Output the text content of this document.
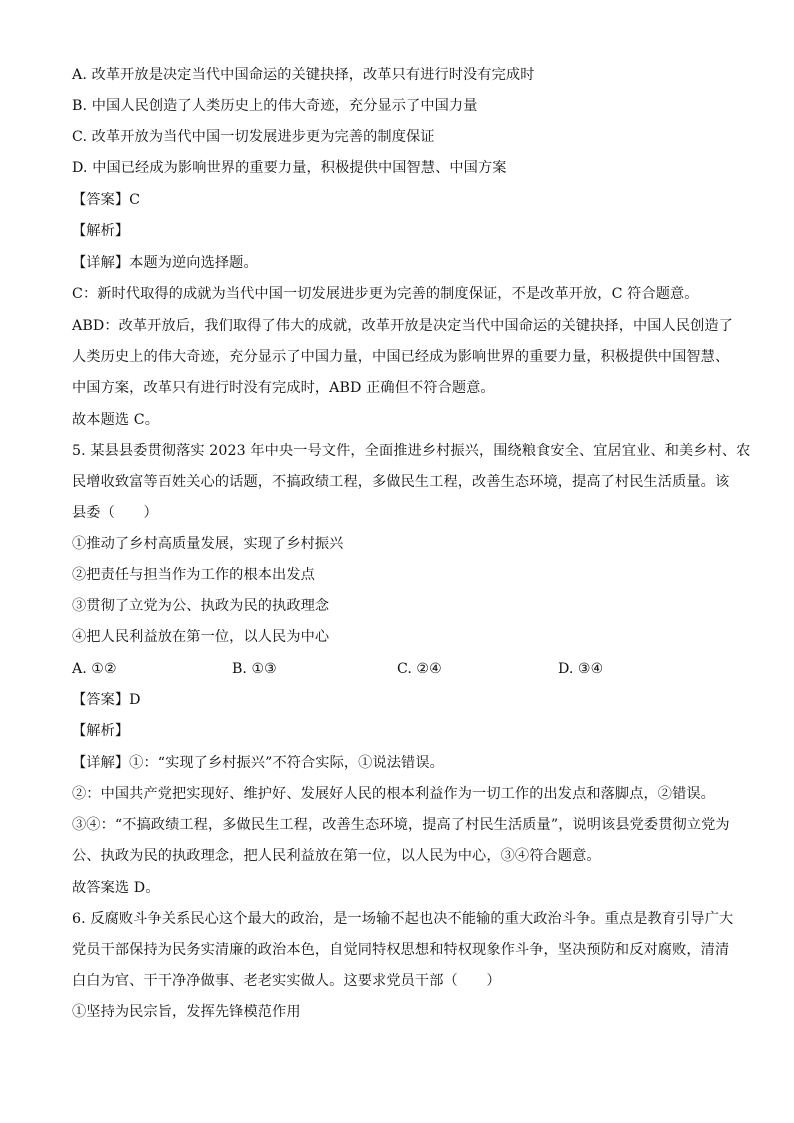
A. 改革开放是决定当代中国命运的关键抉择，改革只有进行时没有完成时
B. 中国人民创造了人类历史上的伟大奇迹，充分显示了中国力量
C. 改革开放为当代中国一切发展进步更为完善的制度保证
D. 中国已经成为影响世界的重要力量，积极提供中国智慧、中国方案
【答案】C
【解析】
【详解】本题为逆向选择题。
C：新时代取得的成就为当代中国一切发展进步更为完善的制度保证，不是改革开放，C 符合题意。
ABD：改革开放后，我们取得了伟大的成就，改革开放是决定当代中国命运的关键抉择，中国人民创造了
人类历史上的伟大奇迹，充分显示了中国力量，中国已经成为影响世界的重要力量，积极提供中国智慧、
中国方案，改革只有进行时没有完成时，ABD 正确但不符合题意。
故本题选 C。
5. 某县县委贯彻落实 2023 年中央一号文件，全面推进乡村振兴，围绕粮食安全、宜居宜业、和美乡村、农
民增收致富等百姓关心的话题，不搞政绩工程，多做民生工程，改善生态环境，提高了村民生活质量。该
县委（　　）
①推动了乡村高质量发展，实现了乡村振兴
②把责任与担当作为工作的根本出发点
③贯彻了立党为公、执政为民的执政理念
④把人民利益放在第一位，以人民为中心
A. ①②	B. ①③	C. ②④	D. ③④
【答案】D
【解析】
【详解】①：“实现了乡村振兴”不符合实际，①说法错误。
②：中国共产党把实现好、维护好、发展好人民的根本利益作为一切工作的出发点和落脚点，②错误。
③④：“不搞政绩工程，多做民生工程，改善生态环境，提高了村民生活质量”，说明该县党委贯彻立党为
公、执政为民的执政理念，把人民利益放在第一位，以人民为中心，③④符合题意。
故答案选 D。
6. 反腐败斗争关系民心这个最大的政治，是一场输不起也决不能输的重大政治斗争。重点是教育引导广大
党员干部保持为民务实清廉的政治本色，自觉同特权思想和特权现象作斗争，坚决预防和反对腐败，清清
白白为官、干干净净做事、老老实实做人。这要求党员干部（　　）
①坚持为民宗旨，发挥先锋模范作用
